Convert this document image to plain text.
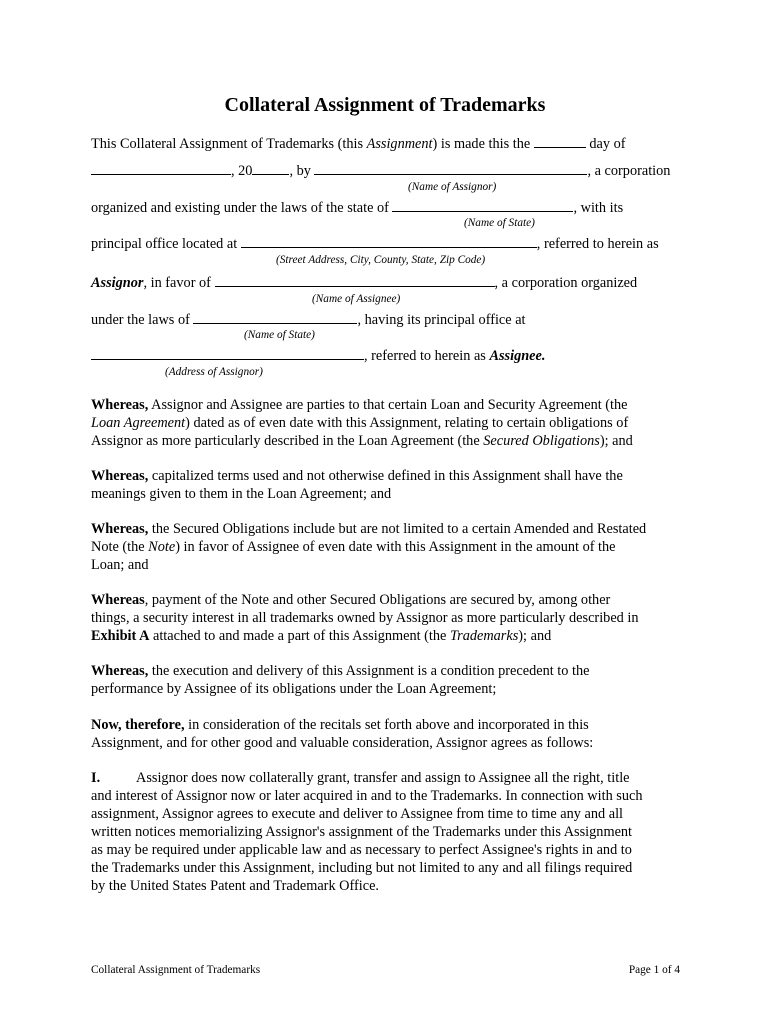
Collateral Assignment of Trademarks
This Collateral Assignment of Trademarks (this Assignment) is made this the	day of
, 20	, by	, a corporation
(Name of Assignor)
organized and existing under the laws of the state of	, with its
(Name of State)
principal office located at	, referred to herein as
(Street Address, City, County, State, Zip Code)
Assignor, in favor of	, a corporation organized
(Name of Assignee)
under the laws of	, having its principal office at
(Name of State)
, referred to herein as Assignee.
(Address of Assignor)
Whereas, Assignor and Assignee are parties to that certain Loan and Security Agreement (the
Loan Agreement) dated as of even date with this Assignment, relating to certain obligations of
Assignor as more particularly described in the Loan Agreement (the Secured Obligations); and
Whereas, capitalized terms used and not otherwise defined in this Assignment shall have the
meanings given to them in the Loan Agreement; and
Whereas, the Secured Obligations include but are not limited to a certain Amended and Restated
Note (the Note) in favor of Assignee of even date with this Assignment in the amount of the
Loan; and
Whereas, payment of the Note and other Secured Obligations are secured by, among other
things, a security interest in all trademarks owned by Assignor as more particularly described in
Exhibit A attached to and made a part of this Assignment (the Trademarks); and
Whereas, the execution and delivery of this Assignment is a condition precedent to the
performance by Assignee of its obligations under the Loan Agreement;
Now, therefore, in consideration of the recitals set forth above and incorporated in this
Assignment, and for other good and valuable consideration, Assignor agrees as follows:
I.	Assignor does now collaterally grant, transfer and assign to Assignee all the right, title
and interest of Assignor now or later acquired in and to the Trademarks. In connection with such
assignment, Assignor agrees to execute and deliver to Assignee from time to time any and all
written notices memorializing Assignor's assignment of the Trademarks under this Assignment
as may be required under applicable law and as necessary to perfect Assignee's rights in and to
the Trademarks under this Assignment, including but not limited to any and all filings required
by the United States Patent and Trademark Office.
Collateral Assignment of Trademarks	Page 1 of 4
